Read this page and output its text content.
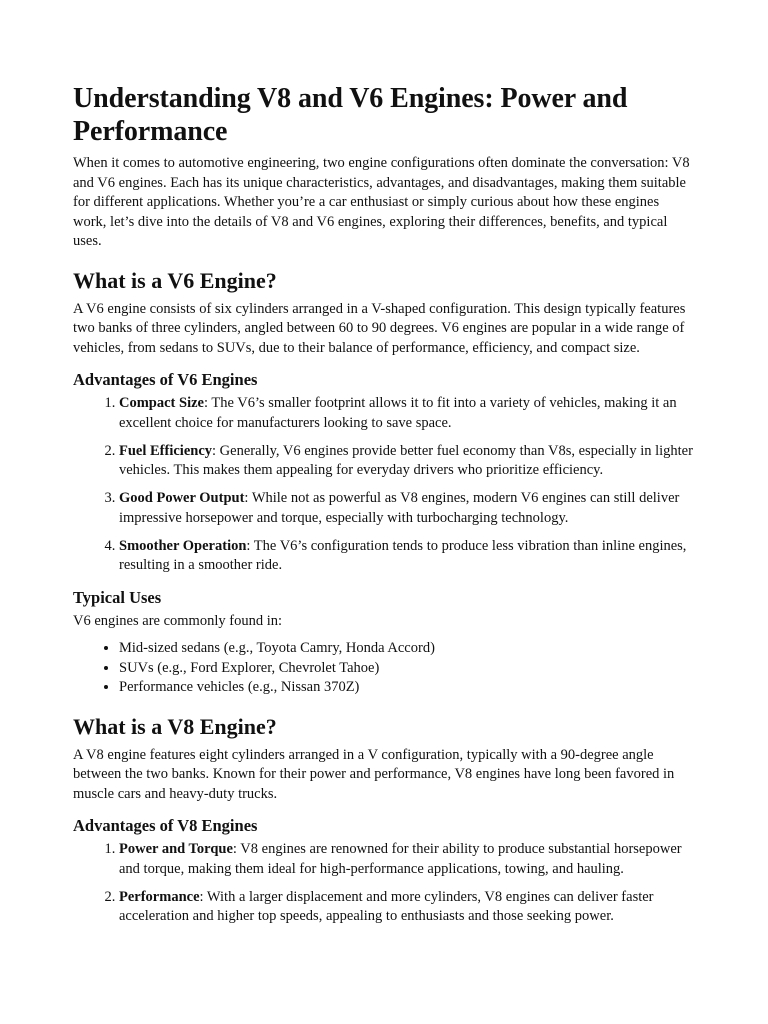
Understanding V8 and V6 Engines: Power and Performance

When it comes to automotive engineering, two engine configurations often dominate the conversation: V8 and V6 engines. Each has its unique characteristics, advantages, and disadvantages, making them suitable for different applications. Whether you’re a car enthusiast or simply curious about how these engines work, let’s dive into the details of V8 and V6 engines, exploring their differences, benefits, and typical uses.

What is a V6 Engine?

A V6 engine consists of six cylinders arranged in a V-shaped configuration. This design typically features two banks of three cylinders, angled between 60 to 90 degrees. V6 engines are popular in a wide range of vehicles, from sedans to SUVs, due to their balance of performance, efficiency, and compact size.

Advantages of V6 Engines
1. Compact Size: The V6’s smaller footprint allows it to fit into a variety of vehicles, making it an excellent choice for manufacturers looking to save space.
2. Fuel Efficiency: Generally, V6 engines provide better fuel economy than V8s, especially in lighter vehicles. This makes them appealing for everyday drivers who prioritize efficiency.
3. Good Power Output: While not as powerful as V8 engines, modern V6 engines can still deliver impressive horsepower and torque, especially with turbocharging technology.
4. Smoother Operation: The V6’s configuration tends to produce less vibration than inline engines, resulting in a smoother ride.
Typical Uses

V6 engines are commonly found in:

• Mid-sized sedans (e.g., Toyota Camry, Honda Accord)
• SUVs (e.g., Ford Explorer, Chevrolet Tahoe)
• Performance vehicles (e.g., Nissan 370Z)
What is a V8 Engine?

A V8 engine features eight cylinders arranged in a V configuration, typically with a 90-degree angle between the two banks. Known for their power and performance, V8 engines have long been favored in muscle cars and heavy-duty trucks.

Advantages of V8 Engines
1. Power and Torque: V8 engines are renowned for their ability to produce substantial horsepower and torque, making them ideal for high-performance applications, towing, and hauling.
2. Performance: With a larger displacement and more cylinders, V8 engines can deliver faster acceleration and higher top speeds, appealing to enthusiasts and those seeking power.
